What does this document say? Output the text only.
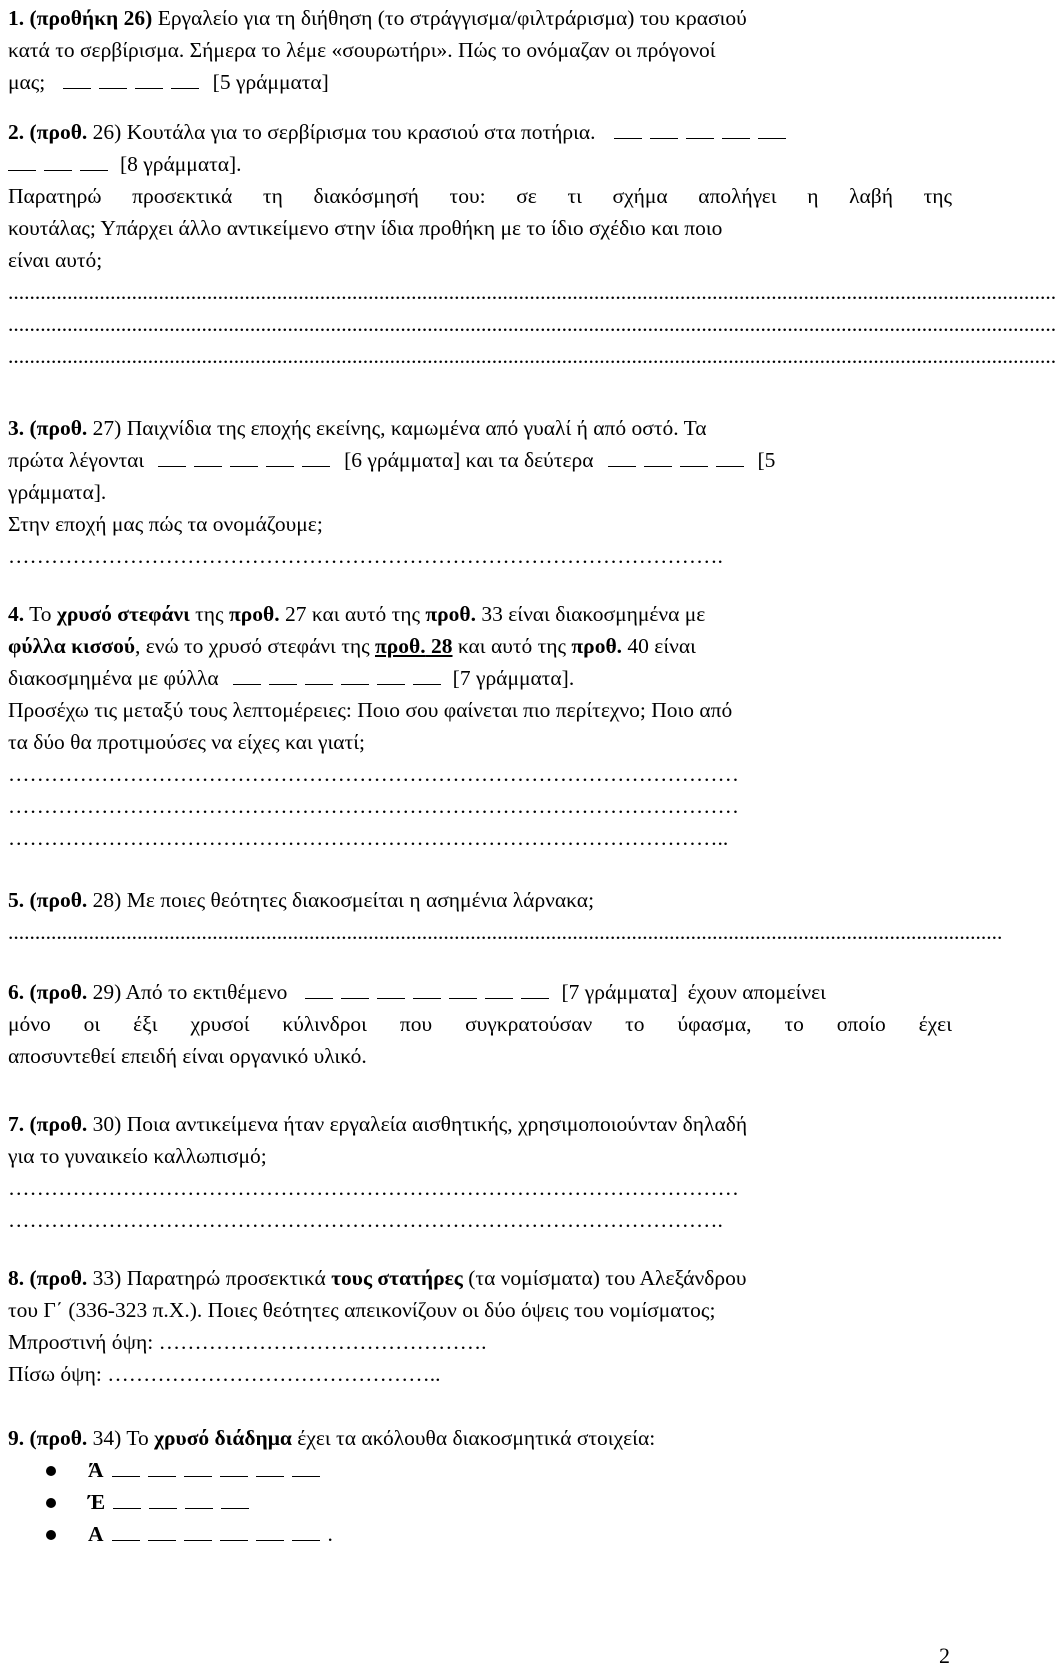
1. (προθήκη 26) Εργαλείο για τη διήθηση (το στράγγισμα/φιλτράρισμα) του κρασιού
κατά το σερβίρισμα. Σήμερα το λέμε «σουρωτήρι». Πώς το ονόμαζαν οι πρόγονοί
μας;	[5 γράμματα]
2. (προθ. 26) Κουτάλα για το σερβίρισμα του κρασιού στα ποτήρια.
[8 γράμματα].
Παρατηρώ προσεκτικά τη διακόσμησή του: σε τι σχήμα απολήγει η λαβή της
κουτάλας; Υπάρχει άλλο αντικείμενο στην ίδια προθήκη με το ίδιο σχέδιο και ποιο
είναι αυτό;
...................................................................................................................................................................................................
...................................................................................................................................................................................................
...................................................................................................................................................................................................
3. (προθ. 27) Παιχνίδια της εποχής εκείνης, καμωμένα από γυαλί ή από οστό. Τα
πρώτα λέγονται	[6 γράμματα] και τα δεύτερα	[5
γράμματα].
Στην εποχή μας πώς τα ονομάζουμε;
……………………………………………………………………………………….
4. Το χρυσό στεφάνι της προθ. 27 και αυτό της προθ. 33 είναι διακοσμημένα με
φύλλα κισσού, ενώ το χρυσό στεφάνι της προθ. 28 και αυτό της προθ. 40 είναι
διακοσμημένα με φύλλα	[7 γράμματα].
Προσέχω τις μεταξύ τους λεπτομέρειες: Ποιο σου φαίνεται πιο περίτεχνο; Ποιο από
τα δύο θα προτιμούσες να είχες και γιατί;
…………………………………………………………………………………………
…………………………………………………………………………………………
………………………………………………………………………………………..
5. (προθ. 28) Με ποιες θεότητες διακοσμείται η ασημένια λάρνακα;
.........................................................................................................................................................................................
6. (προθ. 29) Από το εκτιθέμενο	[7 γράμματα] έχουν απομείνει
μόνο οι έξι χρυσοί κύλινδροι που συγκρατούσαν το ύφασμα, το οποίο έχει
αποσυντεθεί επειδή είναι οργανικό υλικό.
7. (προθ. 30) Ποια αντικείμενα ήταν εργαλεία αισθητικής, χρησιμοποιούνταν δηλαδή
για το γυναικείο καλλωπισμό;
…………………………………………………………………………………………
……………………………………………………………………………………….
8. (προθ. 33) Παρατηρώ προσεκτικά τους στατήρες (τα νομίσματα) του Αλεξάνδρου
του Γ΄ (336-323 π.Χ.). Ποιες θεότητες απεικονίζουν οι δύο όψεις του νομίσματος;
Μπροστινή όψη: ……………………………………….
Πίσω όψη: ………………………………………..
9. (προθ. 34) Το χρυσό διάδημα έχει τα ακόλουθα διακοσμητικά στοιχεία:
Ά
Έ
Α	.
2
